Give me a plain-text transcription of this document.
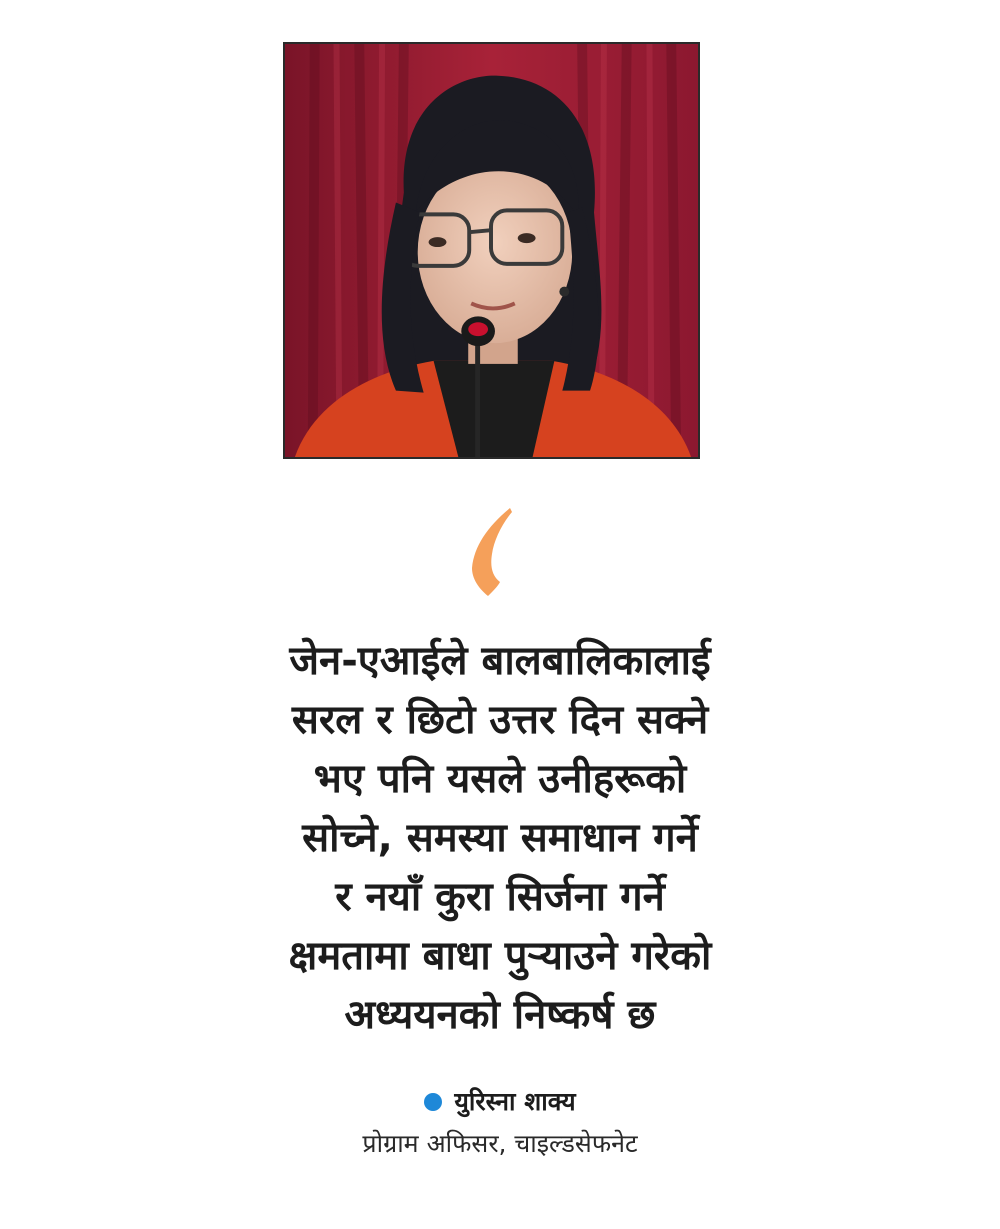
जेन-एआईले बालबालिकालाई
सरल र छिटो उत्तर दिन सक्ने
भए पनि यसले उनीहरूको
सोच्ने, समस्या समाधान गर्ने
र नयाँ कुरा सिर्जना गर्ने
क्षमतामा बाधा पुऱ्याउने गरेको
अध्ययनको निष्कर्ष छ
युरिस्ना शाक्य
प्रोग्राम अफिसर, चाइल्डसेफनेट
